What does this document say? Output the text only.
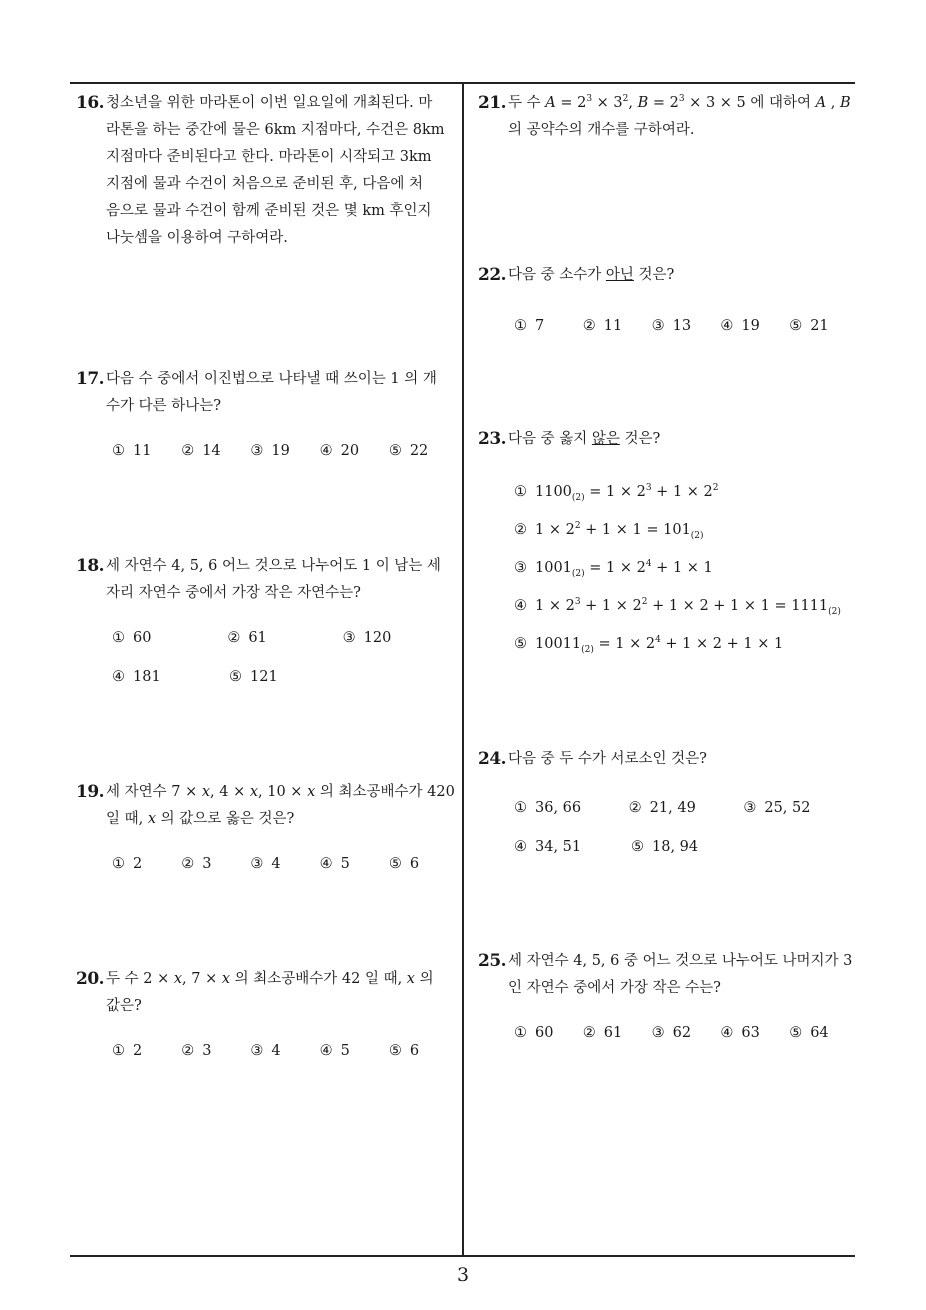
16. 청소년을 위한 마라톤이 이번 일요일에 개최된다. 마
라톤을 하는 중간에 물은 6km 지점마다, 수건은 8km
지점마다 준비된다고 한다. 마라톤이 시작되고 3km
지점에 물과 수건이 처음으로 준비된 후, 다음에 처
음으로 물과 수건이 함께 준비된 것은 몇 km 후인지
나눗셈을 이용하여 구하여라.
17. 다음 수 중에서 이진법으로 나타낼 때 쓰이는 1 의 개
수가 다른 하나는?
① 11	② 14	③ 19	④ 20	⑤ 22
18. 세 자연수 4, 5, 6 어느 것으로 나누어도 1 이 남는 세
자리 자연수 중에서 가장 작은 자연수는?
① 60	② 61	③ 120
④ 181	⑤ 121
19. 세 자연수 7 × x, 4 × x, 10 × x 의 최소공배수가 420
일 때, x 의 값으로 옳은 것은?
① 2	② 3	③ 4	④ 5	⑤ 6
20. 두 수 2 × x, 7 × x 의 최소공배수가 42 일 때, x 의
값은?
① 2	② 3	③ 4	④ 5	⑤ 6
21. 두 수 $A = 2^3 \times 3^2$, $B = 2^3 \times 3 \times 5$ 에 대하여 A , B
의 공약수의 개수를 구하여라.
22. 다음 중 소수가 아닌 것은?
① 7	② 11	③ 13	④ 19	⑤ 21
23. 다음 중 옳지 않은 것은?
① $1100_{(2)} = 1 \times 2^3 + 1 \times 2^2$
② $1 \times 2^2 + 1 \times 1 = 101_{(2)}$
③ $1001_{(2)} = 1 \times 2^4 + 1 \times 1$
④ $1 \times 2^3 + 1 \times 2^2 + 1 \times 2 + 1 \times 1 = 1111_{(2)}$
⑤ $10011_{(2)} = 1 \times 2^4 + 1 \times 2 + 1 \times 1$
24. 다음 중 두 수가 서로소인 것은?
① 36, 66	② 21, 49	③ 25, 52
④ 34, 51	⑤ 18, 94
25. 세 자연수 4, 5, 6 중 어느 것으로 나누어도 나머지가 3
인 자연수 중에서 가장 작은 수는?
① 60	② 61	③ 62	④ 63	⑤ 64
3
